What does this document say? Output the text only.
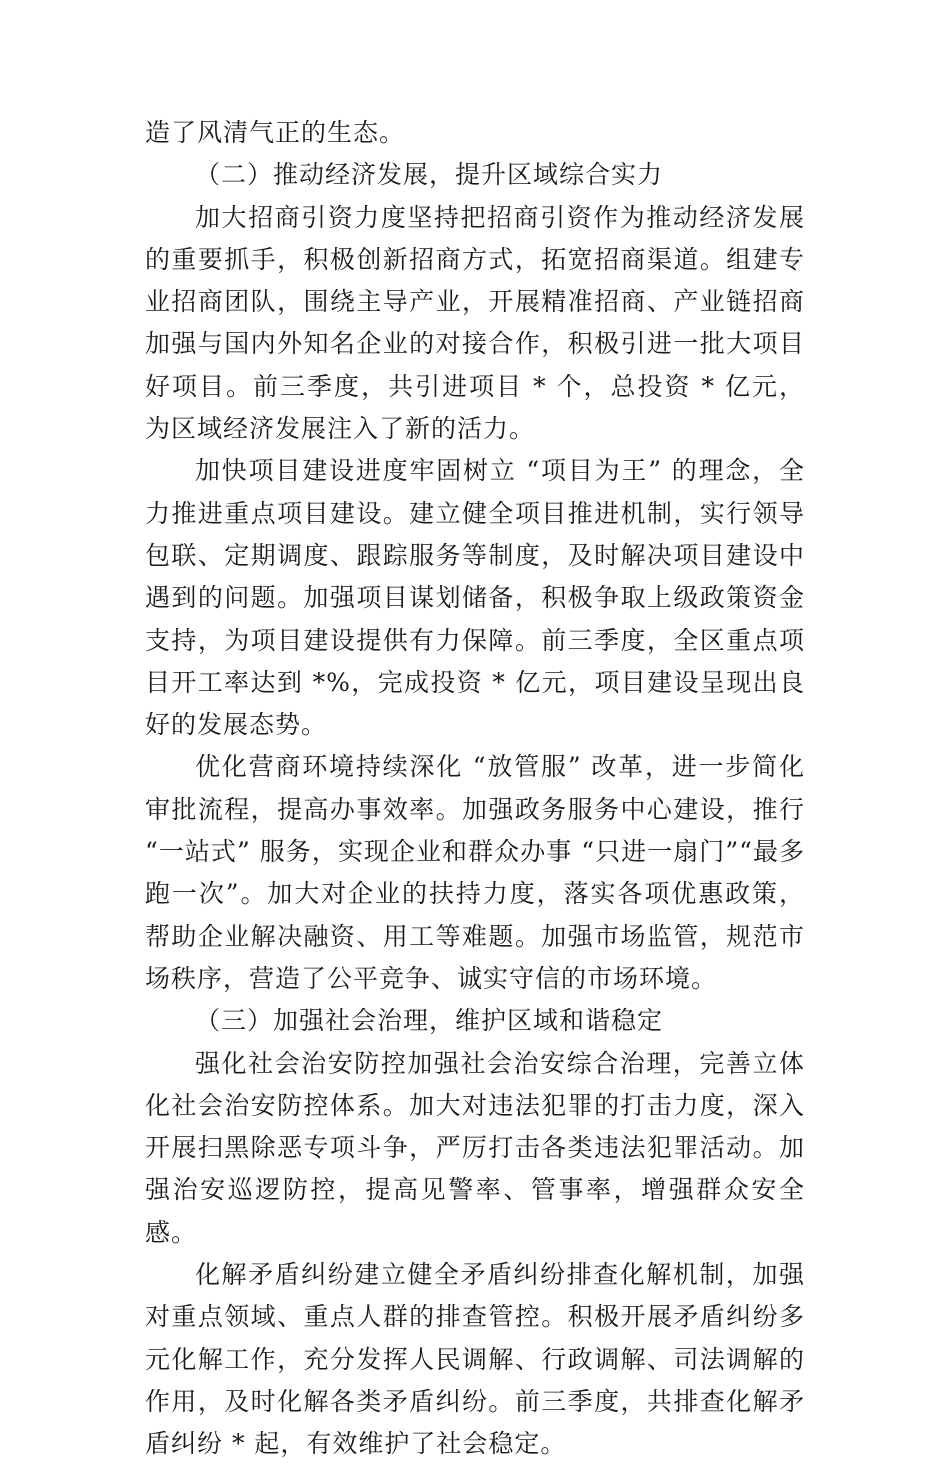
造了风清气正的生态。

（二）推动经济发展，提升区域综合实力

加大招商引资力度坚持把招商引资作为推动经济发展的重要抓手，积极创新招商方式，拓宽招商渠道。组建专业招商团队，围绕主导产业，开展精准招商、产业链招商加强与国内外知名企业的对接合作，积极引进一批大项目好项目。前三季度，共引进项目 * 个，总投资 * 亿元，为区域经济发展注入了新的活力。

加快项目建设进度牢固树立 “项目为王” 的理念，全力推进重点项目建设。建立健全项目推进机制，实行领导包联、定期调度、跟踪服务等制度，及时解决项目建设中遇到的问题。加强项目谋划储备，积极争取上级政策资金支持，为项目建设提供有力保障。前三季度，全区重点项目开工率达到 *%，完成投资 * 亿元，项目建设呈现出良好的发展态势。

优化营商环境持续深化 “放管服” 改革，进一步简化审批流程，提高办事效率。加强政务服务中心建设，推行 “一站式” 服务，实现企业和群众办事 “只进一扇门”“最多跑一次”。加大对企业的扶持力度，落实各项优惠政策，帮助企业解决融资、用工等难题。加强市场监管，规范市场秩序，营造了公平竞争、诚实守信的市场环境。

（三）加强社会治理，维护区域和谐稳定

强化社会治安防控加强社会治安综合治理，完善立体化社会治安防控体系。加大对违法犯罪的打击力度，深入开展扫黑除恶专项斗争，严厉打击各类违法犯罪活动。加强治安巡逻防控，提高见警率、管事率，增强群众安全感。

化解矛盾纠纷建立健全矛盾纠纷排查化解机制，加强对重点领域、重点人群的排查管控。积极开展矛盾纠纷多元化解工作，充分发挥人民调解、行政调解、司法调解的作用，及时化解各类矛盾纠纷。前三季度，共排查化解矛盾纠纷 * 起，有效维护了社会稳定。
